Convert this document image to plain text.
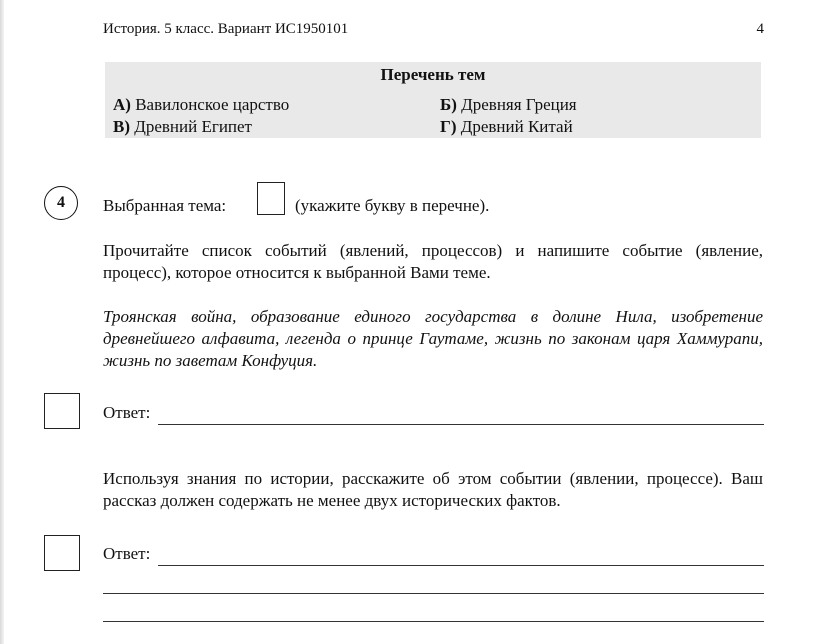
История. 5 класс. Вариант ИС1950101	4
Перечень тем
А) Вавилонское царство	Б) Древняя Греция
В) Древний Египет	Г) Древний Китай
4	Выбранная тема:	(укажите букву в перечне).
Прочитайте список событий (явлений, процессов) и напишите событие (явление, процесс), которое относится к выбранной Вами теме.
Троянская война, образование единого государства в долине Нила, изобретение древнейшего алфавита, легенда о принце Гаутаме, жизнь по законам царя Хаммурапи, жизнь по заветам Конфуция.
Ответ:
Используя знания по истории, расскажите об этом событии (явлении, процессе). Ваш рассказ должен содержать не менее двух исторических фактов.
Ответ:
